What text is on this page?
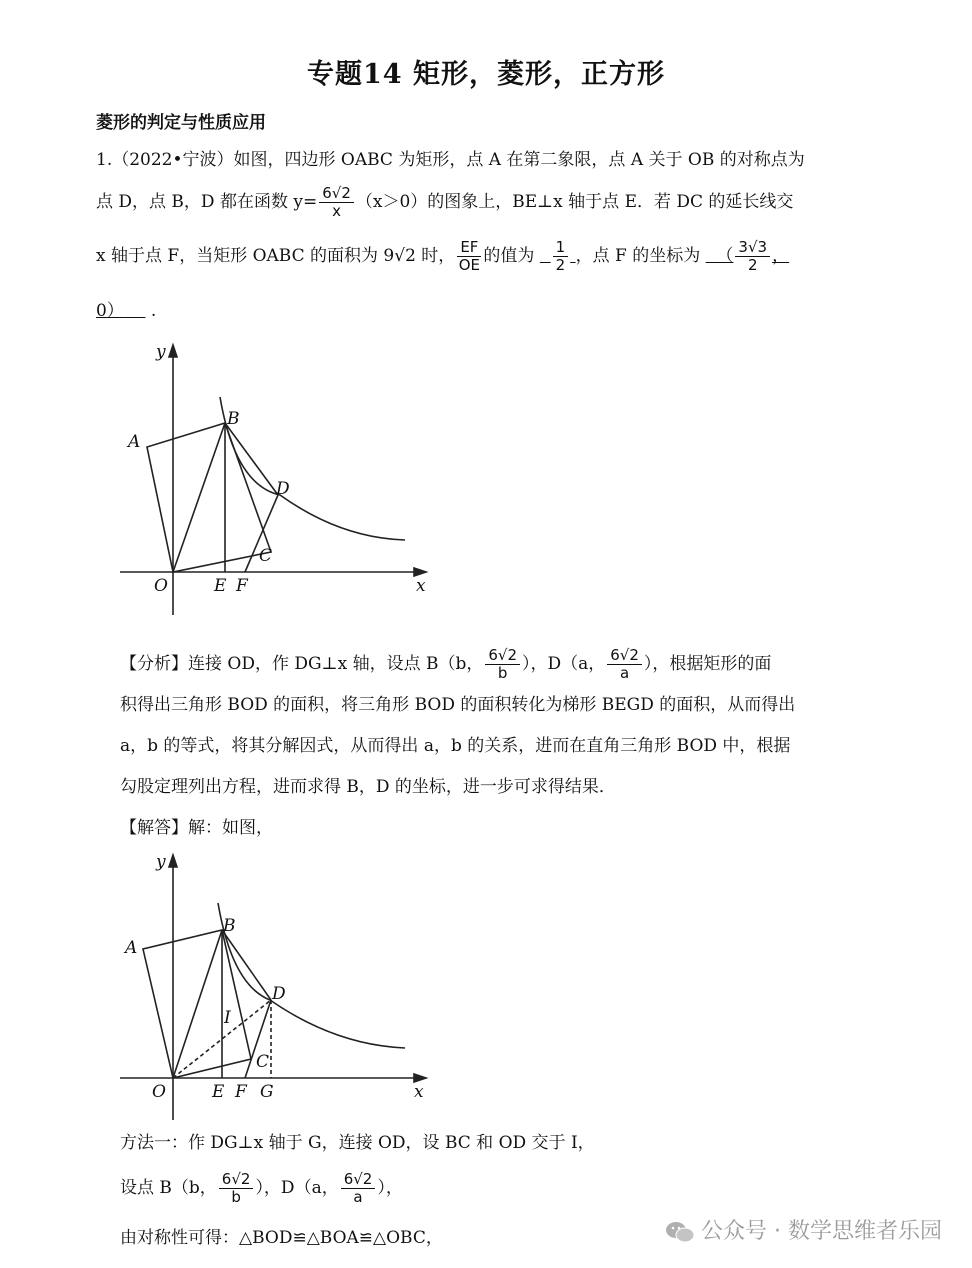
专题14 矩形，菱形，正方形
菱形的判定与性质应用
1.（2022•宁波）如图，四边形 OABC 为矩形，点 A 在第二象限，点 A 关于 OB 的对称点为
点 D，点 B，D 都在函数 $y= \frac{6√2}{x} (x>0)$的图象上，BE⊥x 轴于点 E．若 DC 的延长线交
x 轴于点 F，当矩形 OABC 的面积为 9√2 时， $\frac{EF}{OE}$ 的值为 $\frac{1}{2}$ ，点 F 的坐标为   （ $\frac{3√3}{2}$ ，
0） .
y
x
A
B
D
C
O	E F
【分析】连接 OD，作 DG⊥x 轴，设点 B（b， $\frac{6√2}{b}$ ），D（a， $\frac{6√2}{a}$ ），根据矩形的面
积得出三角形 BOD 的面积，将三角形 BOD 的面积转化为梯形 BEGD 的面积，从而得出
a，b 的等式，将其分解因式，从而得出 a，b 的关系，进而在直角三角形 BOD 中，根据
勾股定理列出方程，进而求得 B，D 的坐标，进一步可求得结果．
【解答】解：如图，
y
x
A
B
D
C
I
O	E F G
方法一：作 DG⊥x 轴于 G，连接 OD，设 BC 和 OD 交于 I，
设点 B（b， $\frac{6√2}{b}$ ），D（a， $\frac{6√2}{a}$ ），
由对称性可得：△BOD≌△BOA≌△OBC，	公众号 · 数学思维者乐园
